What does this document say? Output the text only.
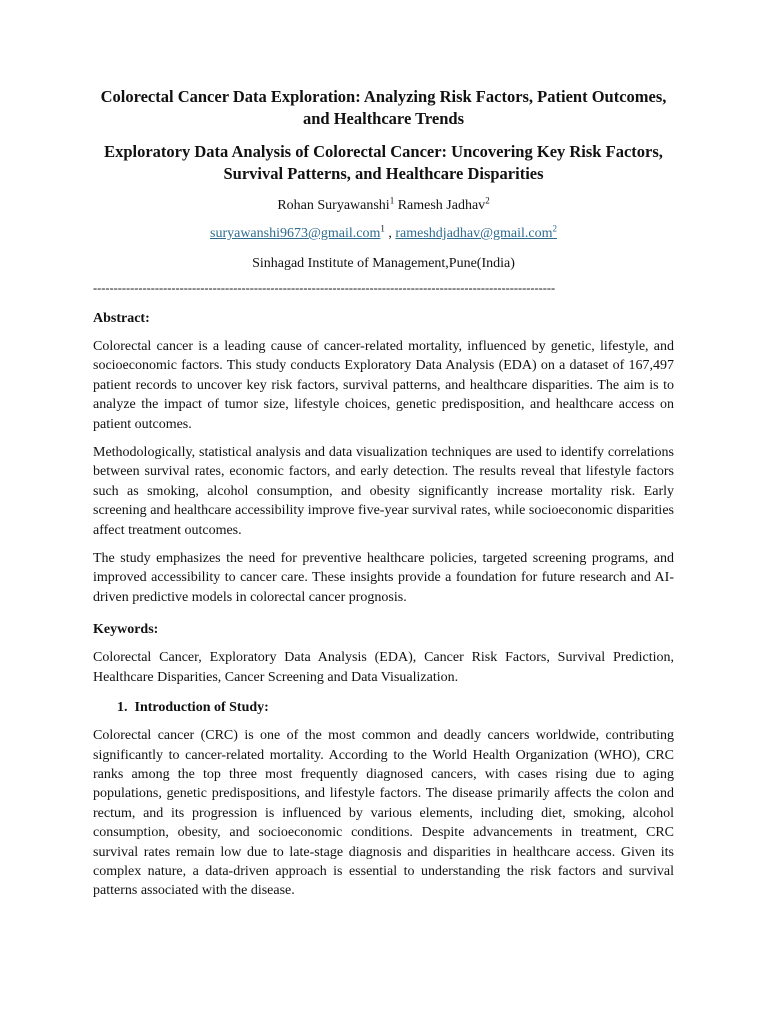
Colorectal Cancer Data Exploration: Analyzing Risk Factors, Patient Outcomes, and Healthcare Trends
Exploratory Data Analysis of Colorectal Cancer: Uncovering Key Risk Factors, Survival Patterns, and Healthcare Disparities
Rohan Suryawanshi$^1$ Ramesh Jadhav$^2$
suryawanshi9673@gmail.com$^1$ , rameshdjadhav@gmail.com$^2$
Sinhagad Institute of Management,Pune(India)
----------------------------------------------------------------------------------------------------------------
Abstract:

Colorectal cancer is a leading cause of cancer-related mortality, influenced by genetic, lifestyle, and socioeconomic factors. This study conducts Exploratory Data Analysis (EDA) on a dataset of 167,497 patient records to uncover key risk factors, survival patterns, and healthcare disparities. The aim is to analyze the impact of tumor size, lifestyle choices, genetic predisposition, and healthcare access on patient outcomes.

Methodologically, statistical analysis and data visualization techniques are used to identify correlations between survival rates, economic factors, and early detection. The results reveal that lifestyle factors such as smoking, alcohol consumption, and obesity significantly increase mortality risk. Early screening and healthcare accessibility improve five-year survival rates, while socioeconomic disparities affect treatment outcomes.

The study emphasizes the need for preventive healthcare policies, targeted screening programs, and improved accessibility to cancer care. These insights provide a foundation for future research and AI-driven predictive models in colorectal cancer prognosis.

Keywords:

Colorectal Cancer, Exploratory Data Analysis (EDA), Cancer Risk Factors, Survival Prediction, Healthcare Disparities, Cancer Screening and Data Visualization.

1. Introduction of Study:

Colorectal cancer (CRC) is one of the most common and deadly cancers worldwide, contributing significantly to cancer-related mortality. According to the World Health Organization (WHO), CRC ranks among the top three most frequently diagnosed cancers, with cases rising due to aging populations, genetic predispositions, and lifestyle factors. The disease primarily affects the colon and rectum, and its progression is influenced by various elements, including diet, smoking, alcohol consumption, obesity, and socioeconomic conditions. Despite advancements in treatment, CRC survival rates remain low due to late-stage diagnosis and disparities in healthcare access. Given its complex nature, a data-driven approach is essential to understanding the risk factors and survival patterns associated with the disease.
